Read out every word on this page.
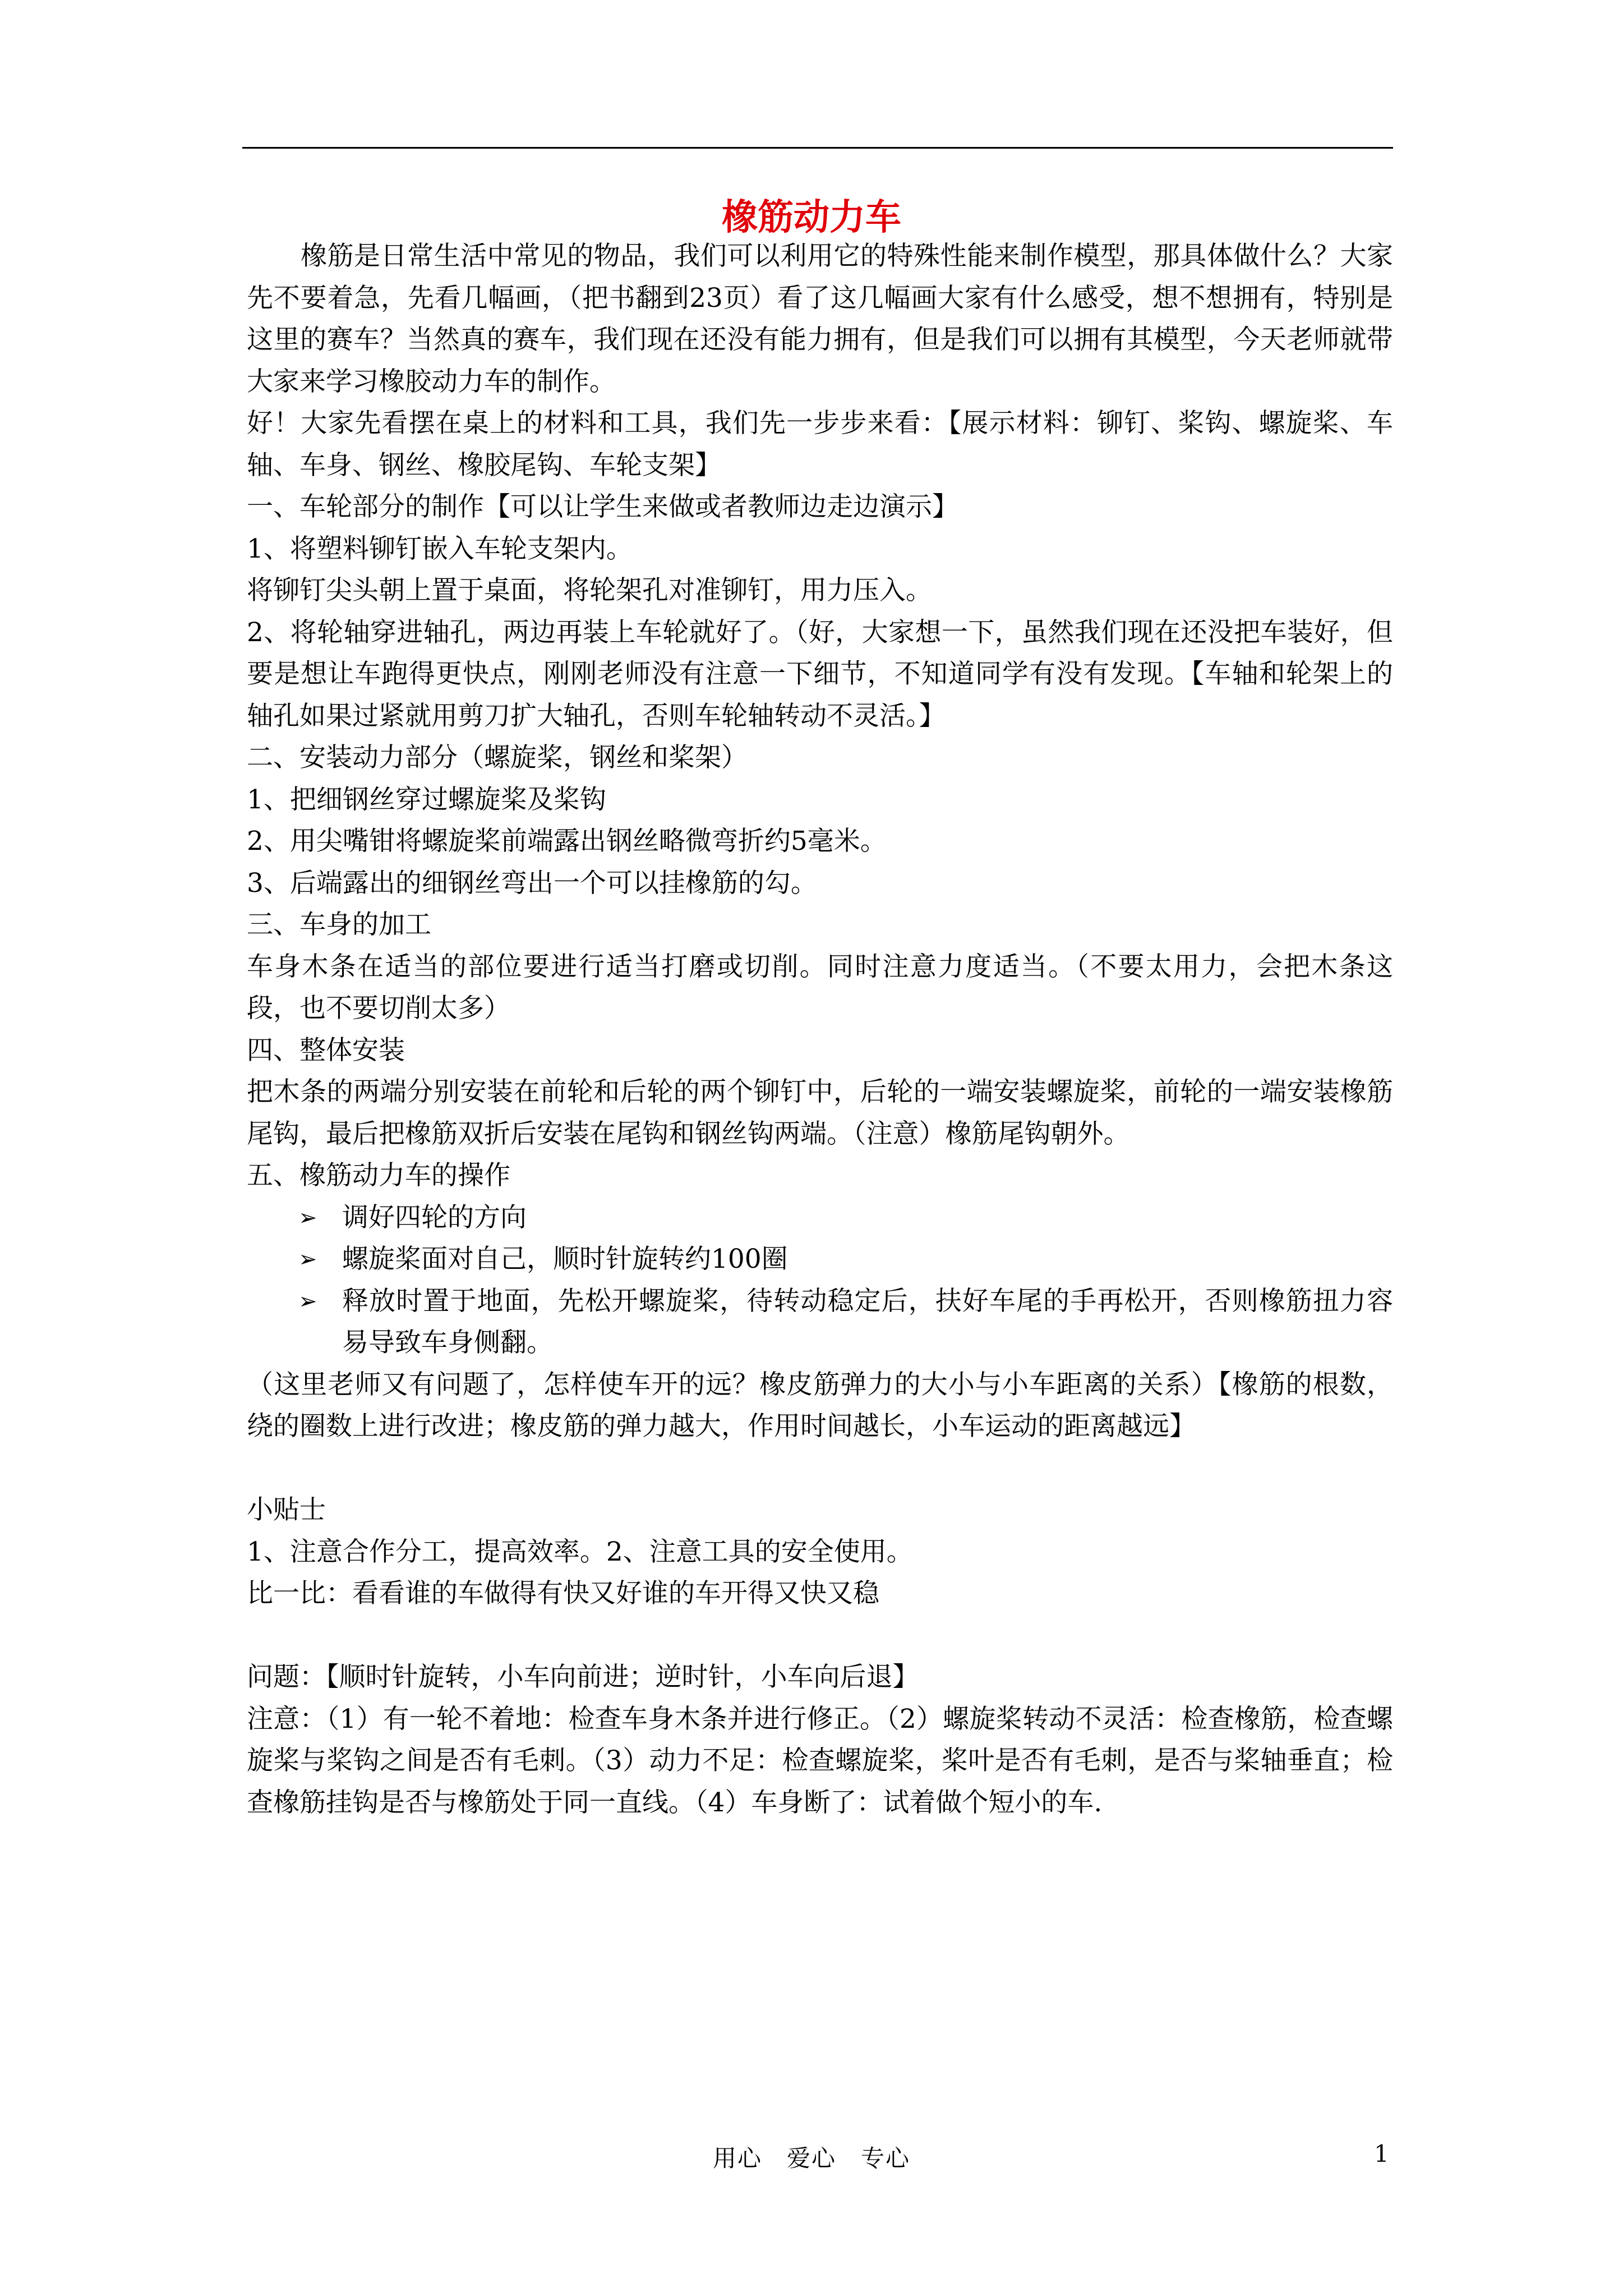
橡筋动力车

橡筋是日常生活中常见的物品，我们可以利用它的特殊性能来制作模型，那具体做什么？大家先不要着急，先看几幅画，（把书翻到23页）看了这几幅画大家有什么感受，想不想拥有，特别是这里的赛车？当然真的赛车，我们现在还没有能力拥有，但是我们可以拥有其模型，今天老师就带大家来学习橡胶动力车的制作。

好！大家先看摆在桌上的材料和工具，我们先一步步来看：【展示材料：铆钉、桨钩、螺旋桨、车轴、车身、钢丝、橡胶尾钩、车轮支架】

一、车轮部分的制作【可以让学生来做或者教师边走边演示】

1、将塑料铆钉嵌入车轮支架内。

将铆钉尖头朝上置于桌面，将轮架孔对准铆钉，用力压入。

2、将轮轴穿进轴孔，两边再装上车轮就好了。（好，大家想一下，虽然我们现在还没把车装好，但要是想让车跑得更快点，刚刚老师没有注意一下细节，不知道同学有没有发现。【车轴和轮架上的轴孔如果过紧就用剪刀扩大轴孔，否则车轮轴转动不灵活。】

二、安装动力部分（螺旋桨，钢丝和桨架）

1、把细钢丝穿过螺旋桨及桨钩

2、用尖嘴钳将螺旋桨前端露出钢丝略微弯折约5毫米。

3、后端露出的细钢丝弯出一个可以挂橡筋的勾。

三、车身的加工

车身木条在适当的部位要进行适当打磨或切削。同时注意力度适当。（不要太用力，会把木条这段，也不要切削太多）

四、整体安装

把木条的两端分别安装在前轮和后轮的两个铆钉中，后轮的一端安装螺旋桨，前轮的一端安装橡筋尾钩，最后把橡筋双折后安装在尾钩和钢丝钩两端。（注意）橡筋尾钩朝外。

五、橡筋动力车的操作

➢ 调好四轮的方向
➢ 螺旋桨面对自己，顺时针旋转约100圈
➢ 释放时置于地面，先松开螺旋桨，待转动稳定后，扶好车尾的手再松开，否则橡筋扭力容易导致车身侧翻。

（这里老师又有问题了，怎样使车开的远？橡皮筋弹力的大小与小车距离的关系）【橡筋的根数，绕的圈数上进行改进；橡皮筋的弹力越大，作用时间越长，小车运动的距离越远】

小贴士

1、注意合作分工，提高效率。2、注意工具的安全使用。

比一比：看看谁的车做得有快又好谁的车开得又快又稳

问题：【顺时针旋转，小车向前进；逆时针，小车向后退】

注意：（1）有一轮不着地：检查车身木条并进行修正。（2）螺旋桨转动不灵活：检查橡筋，检查螺旋桨与桨钩之间是否有毛刺。（3）动力不足：检查螺旋桨，桨叶是否有毛刺，是否与桨轴垂直；检查橡筋挂钩是否与橡筋处于同一直线。（4）车身断了：试着做个短小的车.

用心　爱心　专心	1
